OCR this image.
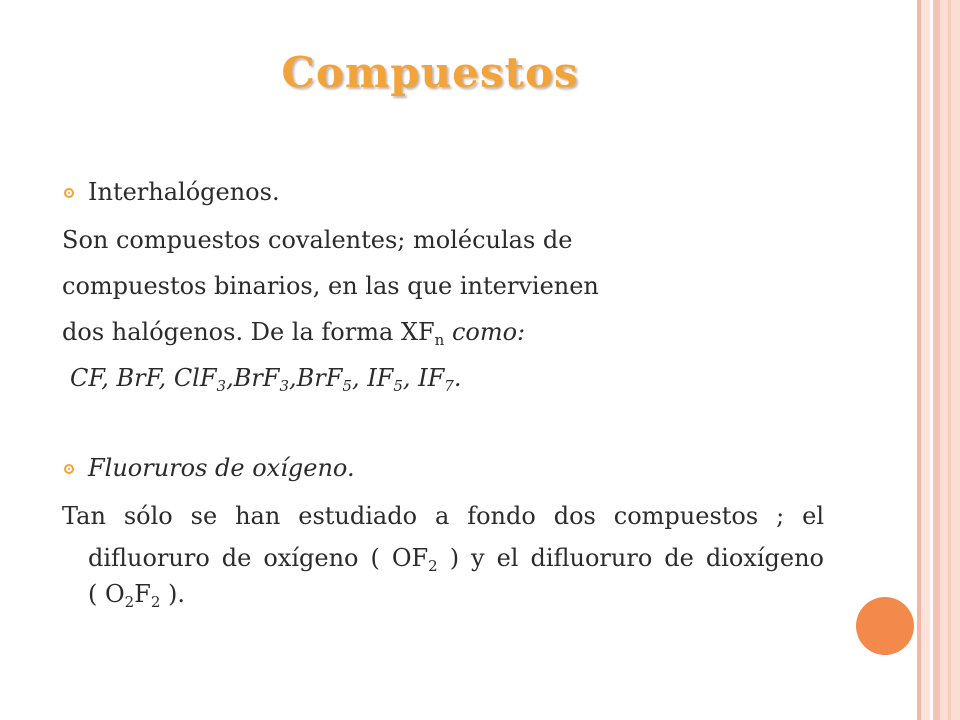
Compuestos
Interhalógenos.
Son compuestos covalentes; moléculas de
compuestos binarios, en las que intervienen
dos halógenos. De la forma $XF_n$ como:
CF, BrF, ClF$_3$,BrF$_3$,BrF$_5$, $IF_5$, $IF_7$.
Fluoruros de oxígeno.
Tan sólo se han estudiado a fondo dos compuestos ; el
difluoruro de oxígeno ( $OF_2$ ) y el difluoruro de dioxígeno
( $O_2F_2$ ).
